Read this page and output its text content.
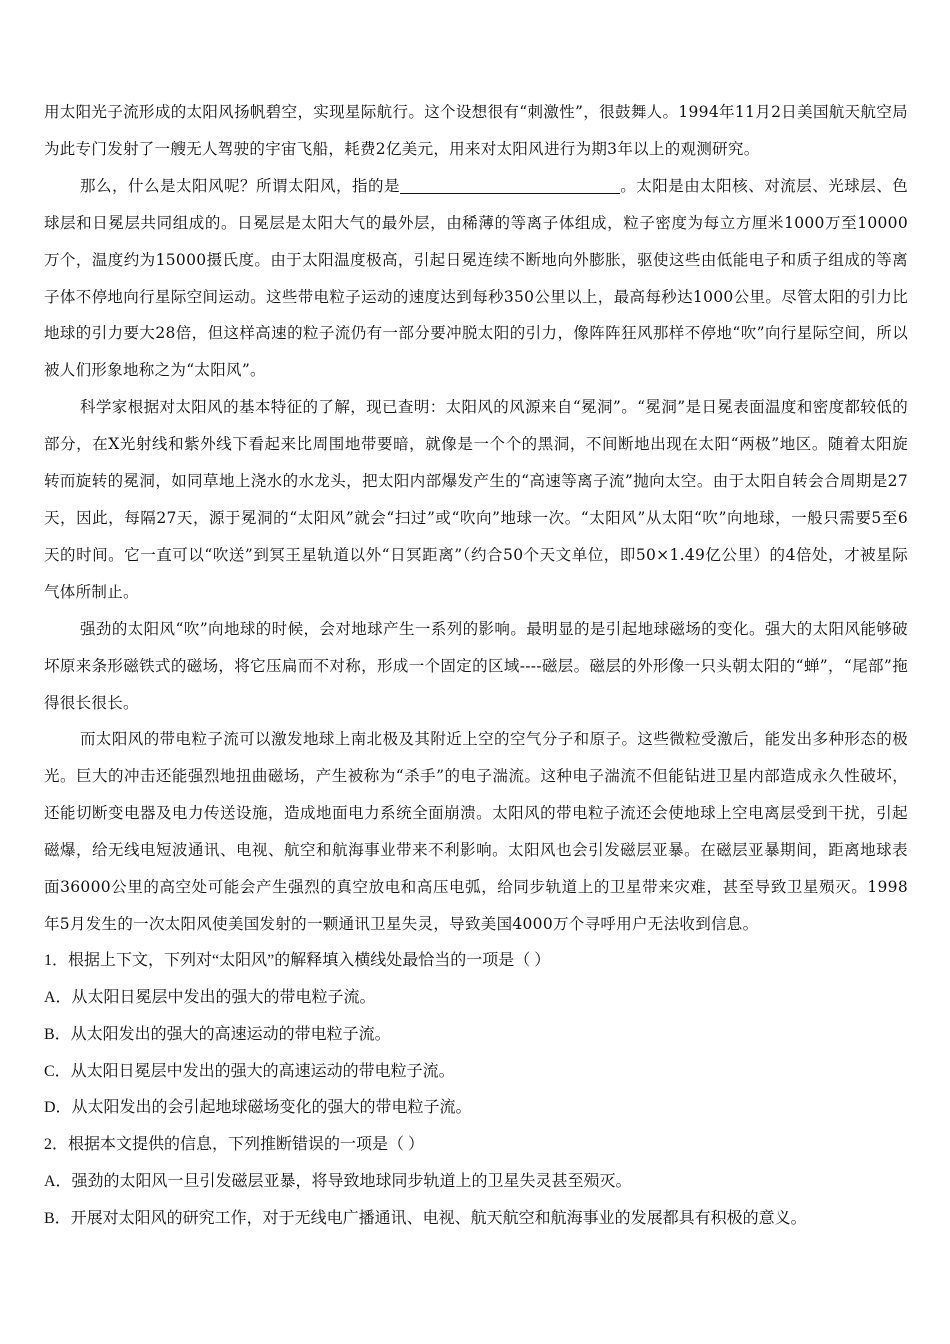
用太阳光子流形成的太阳风扬帆碧空，实现星际航行。这个设想很有“刺激性”，很鼓舞人。1994年11月2日美国航天航空局为此专门发射了一艘无人驾驶的宇宙飞船，耗费2亿美元，用来对太阳风进行为期3年以上的观测研究。

那么，什么是太阳风呢？所谓太阳风，指的是	。太阳是由太阳核、对流层、光球层、色球层和日冕层共同组成的。日冕层是太阳大气的最外层，由稀薄的等离子体组成，粒子密度为每立方厘米1000万至10000万个，温度约为15000摄氏度。由于太阳温度极高，引起日冕连续不断地向外膨胀，驱使这些由低能电子和质子组成的等离子体不停地向行星际空间运动。这些带电粒子运动的速度达到每秒350公里以上，最高每秒达1000公里。尽管太阳的引力比地球的引力要大28倍，但这样高速的粒子流仍有一部分要冲脱太阳的引力，像阵阵狂风那样不停地“吹”向行星际空间，所以被人们形象地称之为“太阳风”。

科学家根据对太阳风的基本特征的了解，现已查明：太阳风的风源来自“冕洞”。“冕洞”是日冕表面温度和密度都较低的部分，在X光射线和紫外线下看起来比周围地带要暗，就像是一个个的黑洞，不间断地出现在太阳“两极”地区。随着太阳旋转而旋转的冕洞，如同草地上浇水的水龙头，把太阳内部爆发产生的“高速等离子流”抛向太空。由于太阳自转会合周期是27天，因此，每隔27天，源于冕洞的“太阳风”就会“扫过”或“吹向”地球一次。“太阳风”从太阳“吹”向地球，一般只需要5至6天的时间。它一直可以“吹送”到冥王星轨道以外“日冥距离”（约合50个天文单位，即50×1.49亿公里）的4倍处，才被星际气体所制止。

强劲的太阳风“吹”向地球的时候，会对地球产生一系列的影响。最明显的是引起地球磁场的变化。强大的太阳风能够破坏原来条形磁铁式的磁场，将它压扁而不对称，形成一个固定的区域----磁层。磁层的外形像一只头朝太阳的“蝉”，“尾部”拖得很长很长。

而太阳风的带电粒子流可以激发地球上南北极及其附近上空的空气分子和原子。这些微粒受激后，能发出多种形态的极光。巨大的冲击还能强烈地扭曲磁场，产生被称为“杀手”的电子湍流。这种电子湍流不但能钻进卫星内部造成永久性破坏，还能切断变电器及电力传送设施，造成地面电力系统全面崩溃。太阳风的带电粒子流还会使地球上空电离层受到干扰，引起磁爆，给无线电短波通讯、电视、航空和航海事业带来不利影响。太阳风也会引发磁层亚暴。在磁层亚暴期间，距离地球表面36000公里的高空处可能会产生强烈的真空放电和高压电弧，给同步轨道上的卫星带来灾难，甚至导致卫星殒灭。1998年5月发生的一次太阳风使美国发射的一颗通讯卫星失灵，导致美国4000万个寻呼用户无法收到信息。

1．根据上下文，下列对“太阳风”的解释填入横线处最恰当的一项是（ ）

A．从太阳日冕层中发出的强大的带电粒子流。

B．从太阳发出的强大的高速运动的带电粒子流。

C．从太阳日冕层中发出的强大的高速运动的带电粒子流。

D．从太阳发出的会引起地球磁场变化的强大的带电粒子流。

2．根据本文提供的信息，下列推断错误的一项是（ ）

A．强劲的太阳风一旦引发磁层亚暴，将导致地球同步轨道上的卫星失灵甚至殒灭。

B．开展对太阳风的研究工作，对于无线电广播通讯、电视、航天航空和航海事业的发展都具有积极的意义。
